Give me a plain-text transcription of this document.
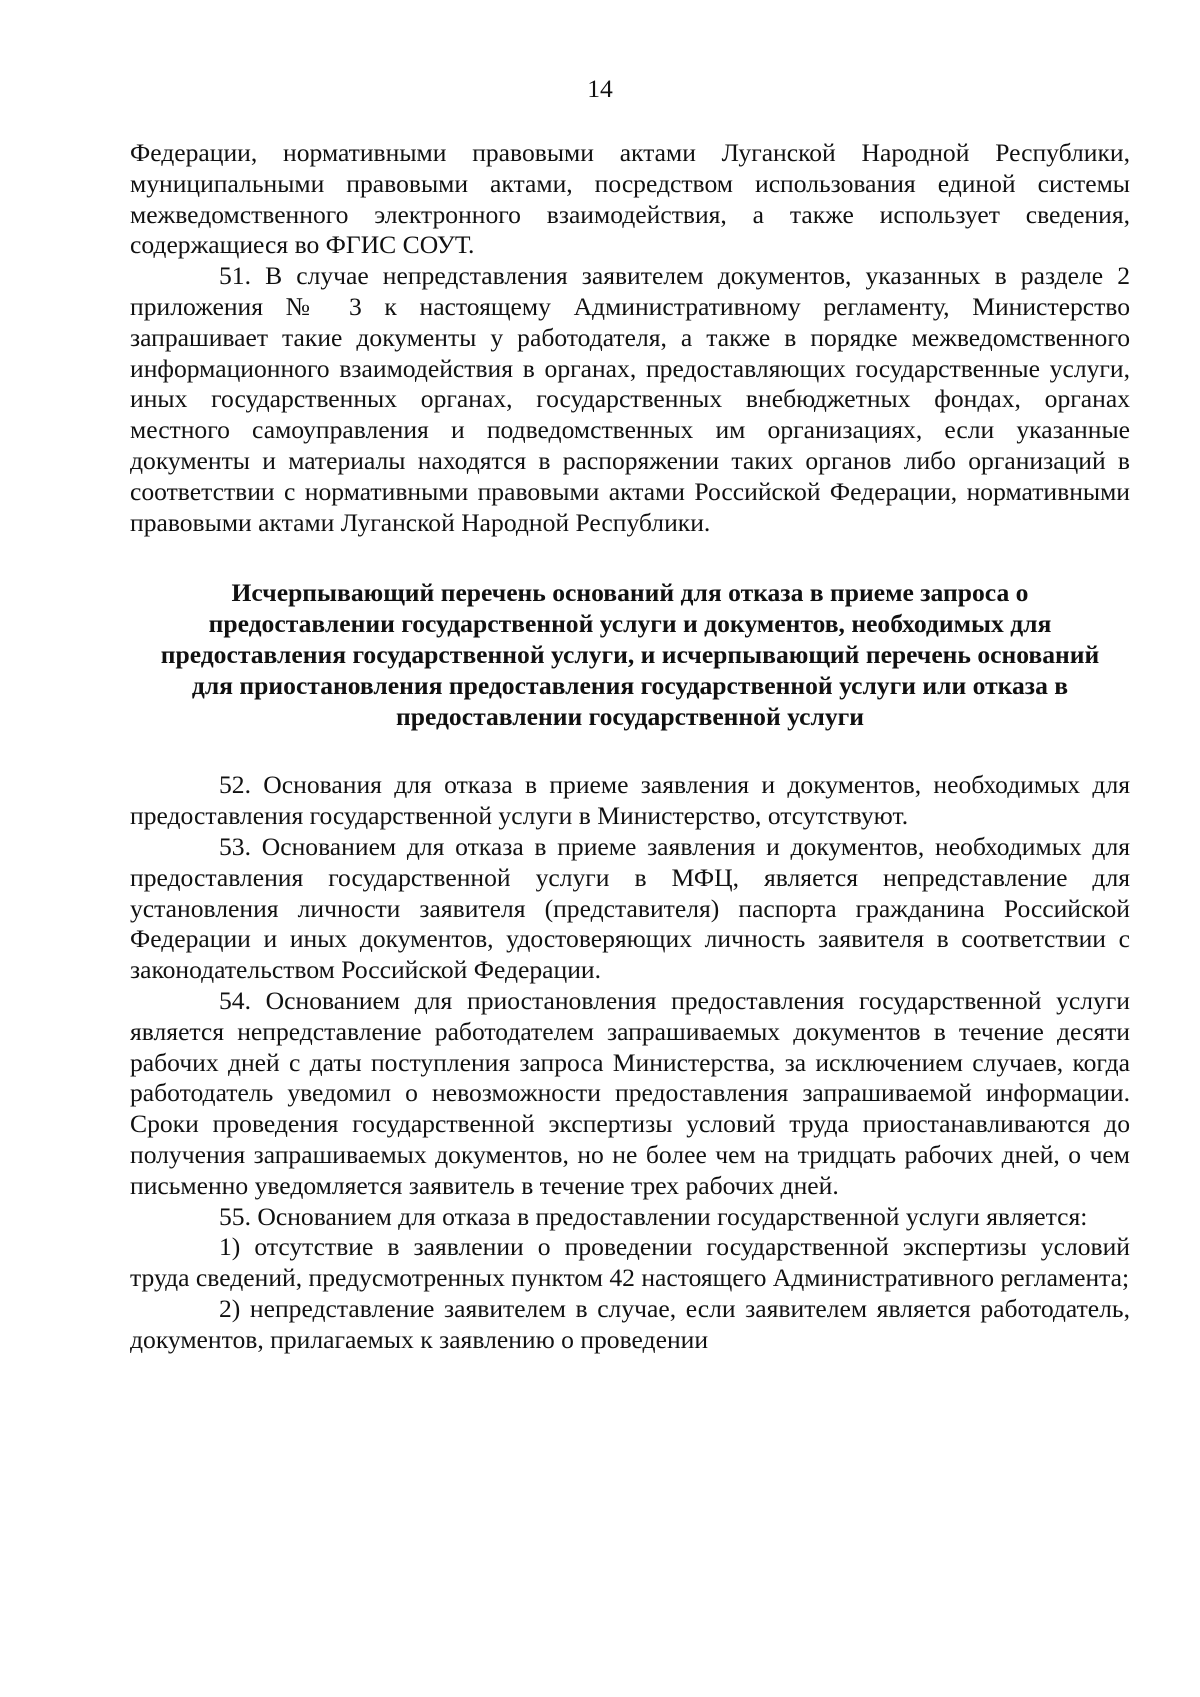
14

Федерации, нормативными правовыми актами Луганской Народной Республики, муниципальными правовыми актами, посредством использования единой системы межведомственного электронного взаимодействия, а также использует сведения, содержащиеся во ФГИС СОУТ.

51. В случае непредставления заявителем документов, указанных в разделе 2 приложения № 3 к настоящему Административному регламенту, Министерство запрашивает такие документы у работодателя, а также в порядке межведомственного информационного взаимодействия в органах, предоставляющих государственные услуги, иных государственных органах, государственных внебюджетных фондах, органах местного самоуправления и подведомственных им организациях, если указанные документы и материалы находятся в распоряжении таких органов либо организаций в соответствии с нормативными правовыми актами Российской Федерации, нормативными правовыми актами Луганской Народной Республики.

Исчерпывающий перечень оснований для отказа в приеме запроса о предоставлении государственной услуги и документов, необходимых для предоставления государственной услуги, и исчерпывающий перечень оснований для приостановления предоставления государственной услуги или отказа в предоставлении государственной услуги

52. Основания для отказа в приеме заявления и документов, необходимых для предоставления государственной услуги в Министерство, отсутствуют.

53. Основанием для отказа в приеме заявления и документов, необходимых для предоставления государственной услуги в МФЦ, является непредставление для установления личности заявителя (представителя) паспорта гражданина Российской Федерации и иных документов, удостоверяющих личность заявителя в соответствии с законодательством Российской Федерации.

54. Основанием для приостановления предоставления государственной услуги является непредставление работодателем запрашиваемых документов в течение десяти рабочих дней с даты поступления запроса Министерства, за исключением случаев, когда работодатель уведомил о невозможности предоставления запрашиваемой информации. Сроки проведения государственной экспертизы условий труда приостанавливаются до получения запрашиваемых документов, но не более чем на тридцать рабочих дней, о чем письменно уведомляется заявитель в течение трех рабочих дней.

55. Основанием для отказа в предоставлении государственной услуги является:

1) отсутствие в заявлении о проведении государственной экспертизы условий труда сведений, предусмотренных пунктом 42 настоящего Административного регламента;

2) непредставление заявителем в случае, если заявителем является работодатель, документов, прилагаемых к заявлению о проведении
